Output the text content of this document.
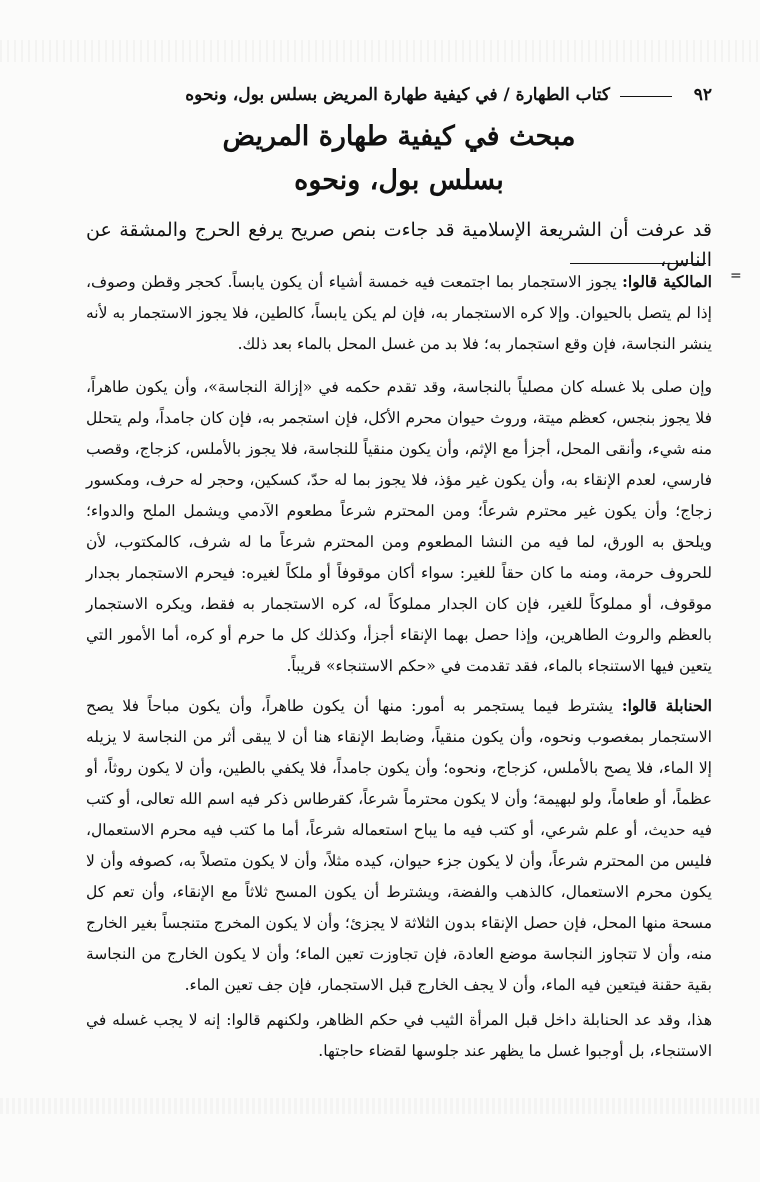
٩٢
كتاب الطهارة / في كيفية طهارة المريض بسلس بول، ونحوه
مبحث في كيفية طهارة المريض
بسلس بول، ونحوه
قد عرفت أن الشريعة الإسلامية قد جاءت بنص صريح يرفع الحرج والمشقة عن الناس،
=
المالكية قالوا: يجوز الاستجمار بما اجتمعت فيه خمسة أشياء أن يكون يابساً. كحجر وقطن وصوف، إذا لم يتصل بالحيوان. وإلا كره الاستجمار به، فإن لم يكن يابساً، كالطين، فلا يجوز الاستجمار به لأنه ينشر النجاسة، فإن وقع استجمار به؛ فلا بد من غسل المحل بالماء بعد ذلك.
وإن صلى بلا غسله كان مصلياً بالنجاسة، وقد تقدم حكمه في «إزالة النجاسة»، وأن يكون طاهراً، فلا يجوز بنجس، كعظم ميتة، وروث حيوان محرم الأكل، فإن استجمر به، فإن كان جامداً، ولم يتحلل منه شيء، وأنقى المحل، أجزأ مع الإثم، وأن يكون منقياً للنجاسة، فلا يجوز بالأملس، كزجاج، وقصب فارسي، لعدم الإنقاء به، وأن يكون غير مؤذ، فلا يجوز بما له حدّ، كسكين، وحجر له حرف، ومكسور زجاج؛ وأن يكون غير محترم شرعاً؛ ومن المحترم شرعاً مطعوم الآدمي ويشمل الملح والدواء؛ ويلحق به الورق، لما فيه من النشا المطعوم ومن المحترم شرعاً ما له شرف، كالمكتوب، لأن للحروف حرمة، ومنه ما كان حقاً للغير: سواء أكان موقوفاً أو ملكاً لغيره: فيحرم الاستجمار بجدار موقوف، أو مملوكاً للغير، فإن كان الجدار مملوكاً له، كره الاستجمار به فقط، ويكره الاستجمار بالعظم والروث الطاهرين، وإذا حصل بهما الإنقاء أجزأ، وكذلك كل ما حرم أو كره، أما الأمور التي يتعين فيها الاستنجاء بالماء، فقد تقدمت في «حكم الاستنجاء» قريباً.
الحنابلة قالوا: يشترط فيما يستجمر به أمور: منها أن يكون طاهراً، وأن يكون مباحاً فلا يصح الاستجمار بمغصوب ونحوه، وأن يكون منقياً، وضابط الإنقاء هنا أن لا يبقى أثر من النجاسة لا يزيله إلا الماء، فلا يصح بالأملس، كزجاج، ونحوه؛ وأن يكون جامداً، فلا يكفي بالطين، وأن لا يكون روثاً، أو عظماً، أو طعاماً، ولو لبهيمة؛ وأن لا يكون محترماً شرعاً، كقرطاس ذكر فيه اسم الله تعالى، أو كتب فيه حديث، أو علم شرعي، أو كتب فيه ما يباح استعماله شرعاً، أما ما كتب فيه محرم الاستعمال، فليس من المحترم شرعاً، وأن لا يكون جزء حيوان، كيده مثلاً، وأن لا يكون متصلاً به، كصوفه وأن لا يكون محرم الاستعمال، كالذهب والفضة، ويشترط أن يكون المسح ثلاثاً مع الإنقاء، وأن تعم كل مسحة منها المحل، فإن حصل الإنقاء بدون الثلاثة لا يجزئ؛ وأن لا يكون المخرج متنجساً بغير الخارج منه، وأن لا تتجاوز النجاسة موضع العادة، فإن تجاوزت تعين الماء؛ وأن لا يكون الخارج من النجاسة بقية حقنة فيتعين فيه الماء، وأن لا يجف الخارج قبل الاستجمار، فإن جف تعين الماء.
هذا، وقد عد الحنابلة داخل قبل المرأة الثيب في حكم الظاهر، ولكنهم قالوا: إنه لا يجب غسله في الاستنجاء، بل أوجبوا غسل ما يظهر عند جلوسها لقضاء حاجتها.
